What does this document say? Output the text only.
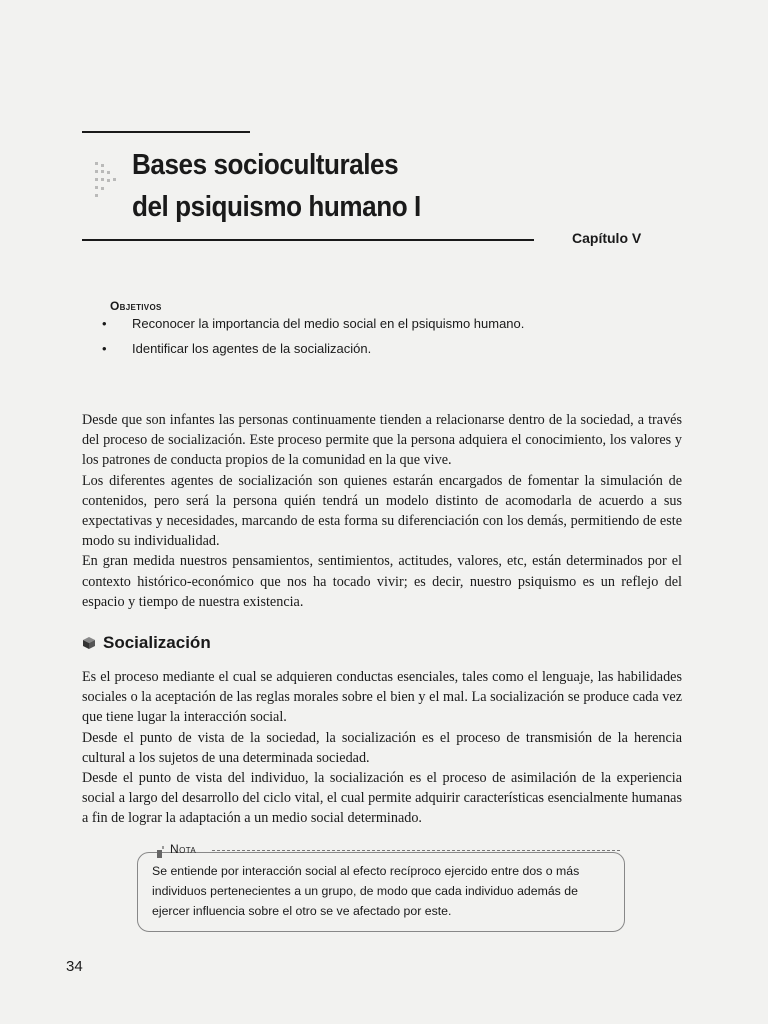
Bases socioculturales
del psiquismo humano I
Capítulo V
Objetivos
• Reconocer la importancia del medio social en el psiquismo humano.
• Identificar los agentes de la socialización.

Desde que son infantes las personas continuamente tienden a relacionarse dentro de la sociedad, a través del proceso de socialización. Este proceso permite que la persona adquiera el conocimiento, los valores y los patrones de conducta propios de la comunidad en la que vive.

Los diferentes agentes de socialización son quienes estarán encargados de fomentar la simulación de contenidos, pero será la persona quién tendrá un modelo distinto de acomodarla de acuerdo a sus expectativas y necesidades, marcando de esta forma su diferenciación con los demás, permitiendo de este modo su individualidad.

En gran medida nuestros pensamientos, sentimientos, actitudes, valores, etc, están determinados por el contexto histórico-económico que nos ha tocado vivir; es decir, nuestro psiquismo es un reflejo del espacio y tiempo de nuestra existencia.

Socialización

Es el proceso mediante el cual se adquieren conductas esenciales, tales como el lenguaje, las habilidades sociales o la aceptación de las reglas morales sobre el bien y el mal. La socialización se produce cada vez que tiene lugar la interacción social.

Desde el punto de vista de la sociedad, la socialización es el proceso de transmisión de la herencia cultural a los sujetos de una determinada sociedad.

Desde el punto de vista del individuo, la socialización es el proceso de asimilación de la experiencia social a largo del desarrollo del ciclo vital, el cual permite adquirir características esencialmente humanas a fin de lograr la adaptación a un medio social determinado.

Nota
Se entiende por interacción social al efecto recíproco ejercido entre dos o más individuos pertenecientes a un grupo, de modo que cada individuo además de ejercer influencia sobre el otro se ve afectado por este.
34
